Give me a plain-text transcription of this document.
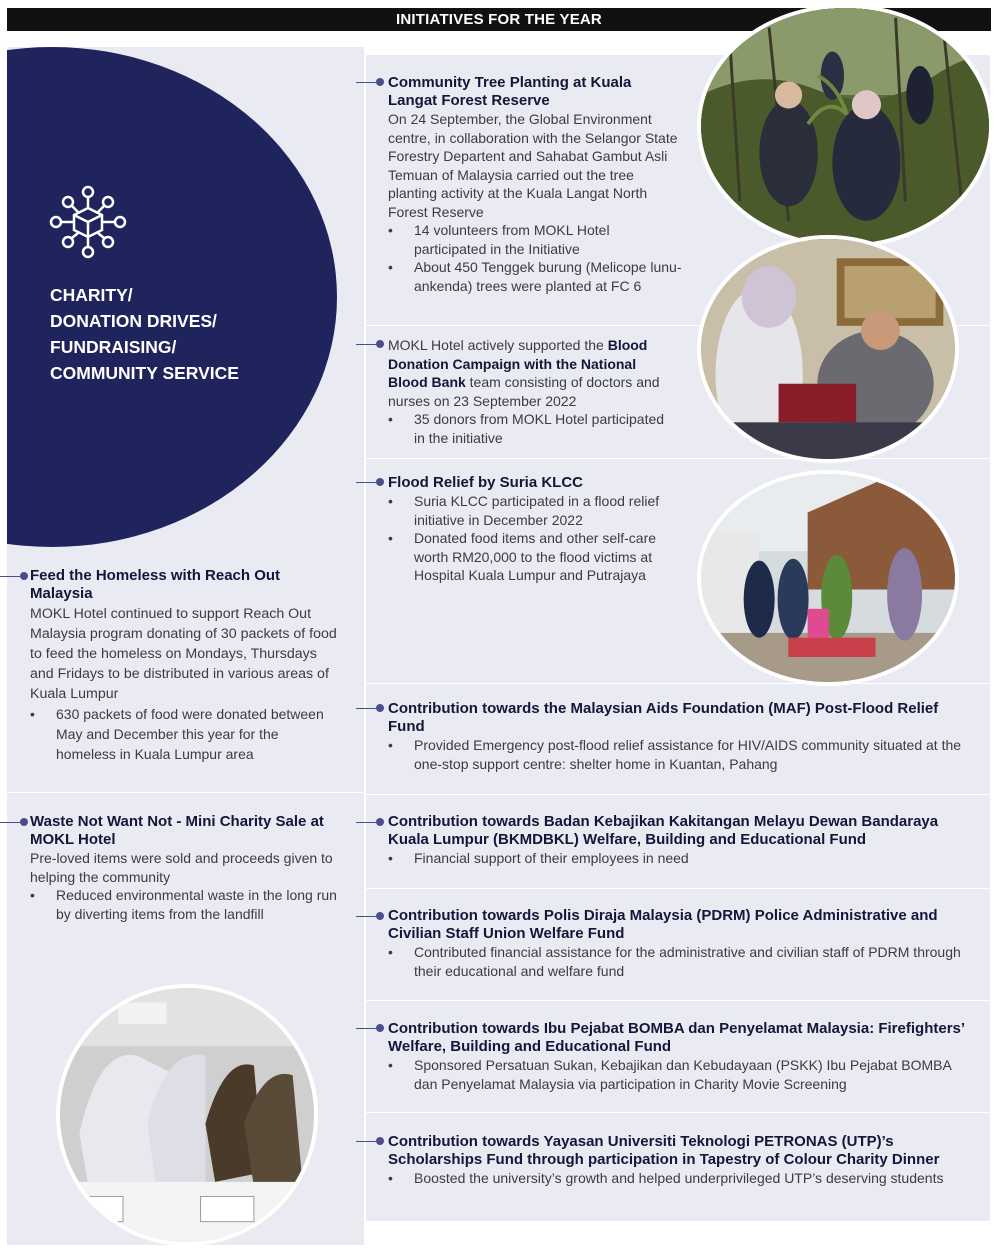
INITIATIVES FOR THE YEAR
CHARITY/
DONATION DRIVES/
FUNDRAISING/
COMMUNITY SERVICE
Feed the Homeless with Reach Out Malaysia

MOKL Hotel continued to support Reach Out Malaysia program donating of 30 packets of food to feed the homeless on Mondays, Thursdays and Fridays to be distributed in various areas of Kuala Lumpur

• 630 packets of food were donated between May and December this year for the homeless in Kuala Lumpur area
Waste Not Want Not - Mini Charity Sale at MOKL Hotel

Pre-loved items were sold and proceeds given to helping the community

• Reduced environmental waste in the long run by diverting items from the landfill
Community Tree Planting at Kuala Langat Forest Reserve

On 24 September, the Global Environment centre, in collaboration with the Selangor State Forestry Departent and Sahabat Gambut Asli Temuan of Malaysia carried out the tree planting activity at the Kuala Langat North Forest Reserve

• 14 volunteers from MOKL Hotel participated in the Initiative
• About 450 Tenggek burung (Melicope lunu-ankenda) trees were planted at FC 6

MOKL Hotel actively supported the Blood Donation Campaign with the National Blood Bank team consisting of doctors and nurses on 23 September 2022

• 35 donors from MOKL Hotel participated in the initiative
Flood Relief by Suria KLCC
• Suria KLCC participated in a flood relief initiative in December 2022
• Donated food items and other self-care worth RM20,000 to the flood victims at Hospital Kuala Lumpur and Putrajaya
Contribution towards the Malaysian Aids Foundation (MAF) Post-Flood Relief Fund
• Provided Emergency post-flood relief assistance for HIV/AIDS community situated at the one-stop support centre: shelter home in Kuantan, Pahang
Contribution towards Badan Kebajikan Kakitangan Melayu Dewan Bandaraya Kuala Lumpur (BKMDBKL) Welfare, Building and Educational Fund
• Financial support of their employees in need
Contribution towards Polis Diraja Malaysia (PDRM) Police Administrative and Civilian Staff Union Welfare Fund
• Contributed financial assistance for the administrative and civilian staff of PDRM through their educational and welfare fund
Contribution towards Ibu Pejabat BOMBA dan Penyelamat Malaysia: Firefighters’ Welfare, Building and Educational Fund
• Sponsored Persatuan Sukan, Kebajikan dan Kebudayaan (PSKK) Ibu Pejabat BOMBA dan Penyelamat Malaysia via participation in Charity Movie Screening
Contribution towards Yayasan Universiti Teknologi PETRONAS (UTP)’s Scholarships Fund through participation in Tapestry of Colour Charity Dinner
• Boosted the university’s growth and helped underprivileged UTP’s deserving students
